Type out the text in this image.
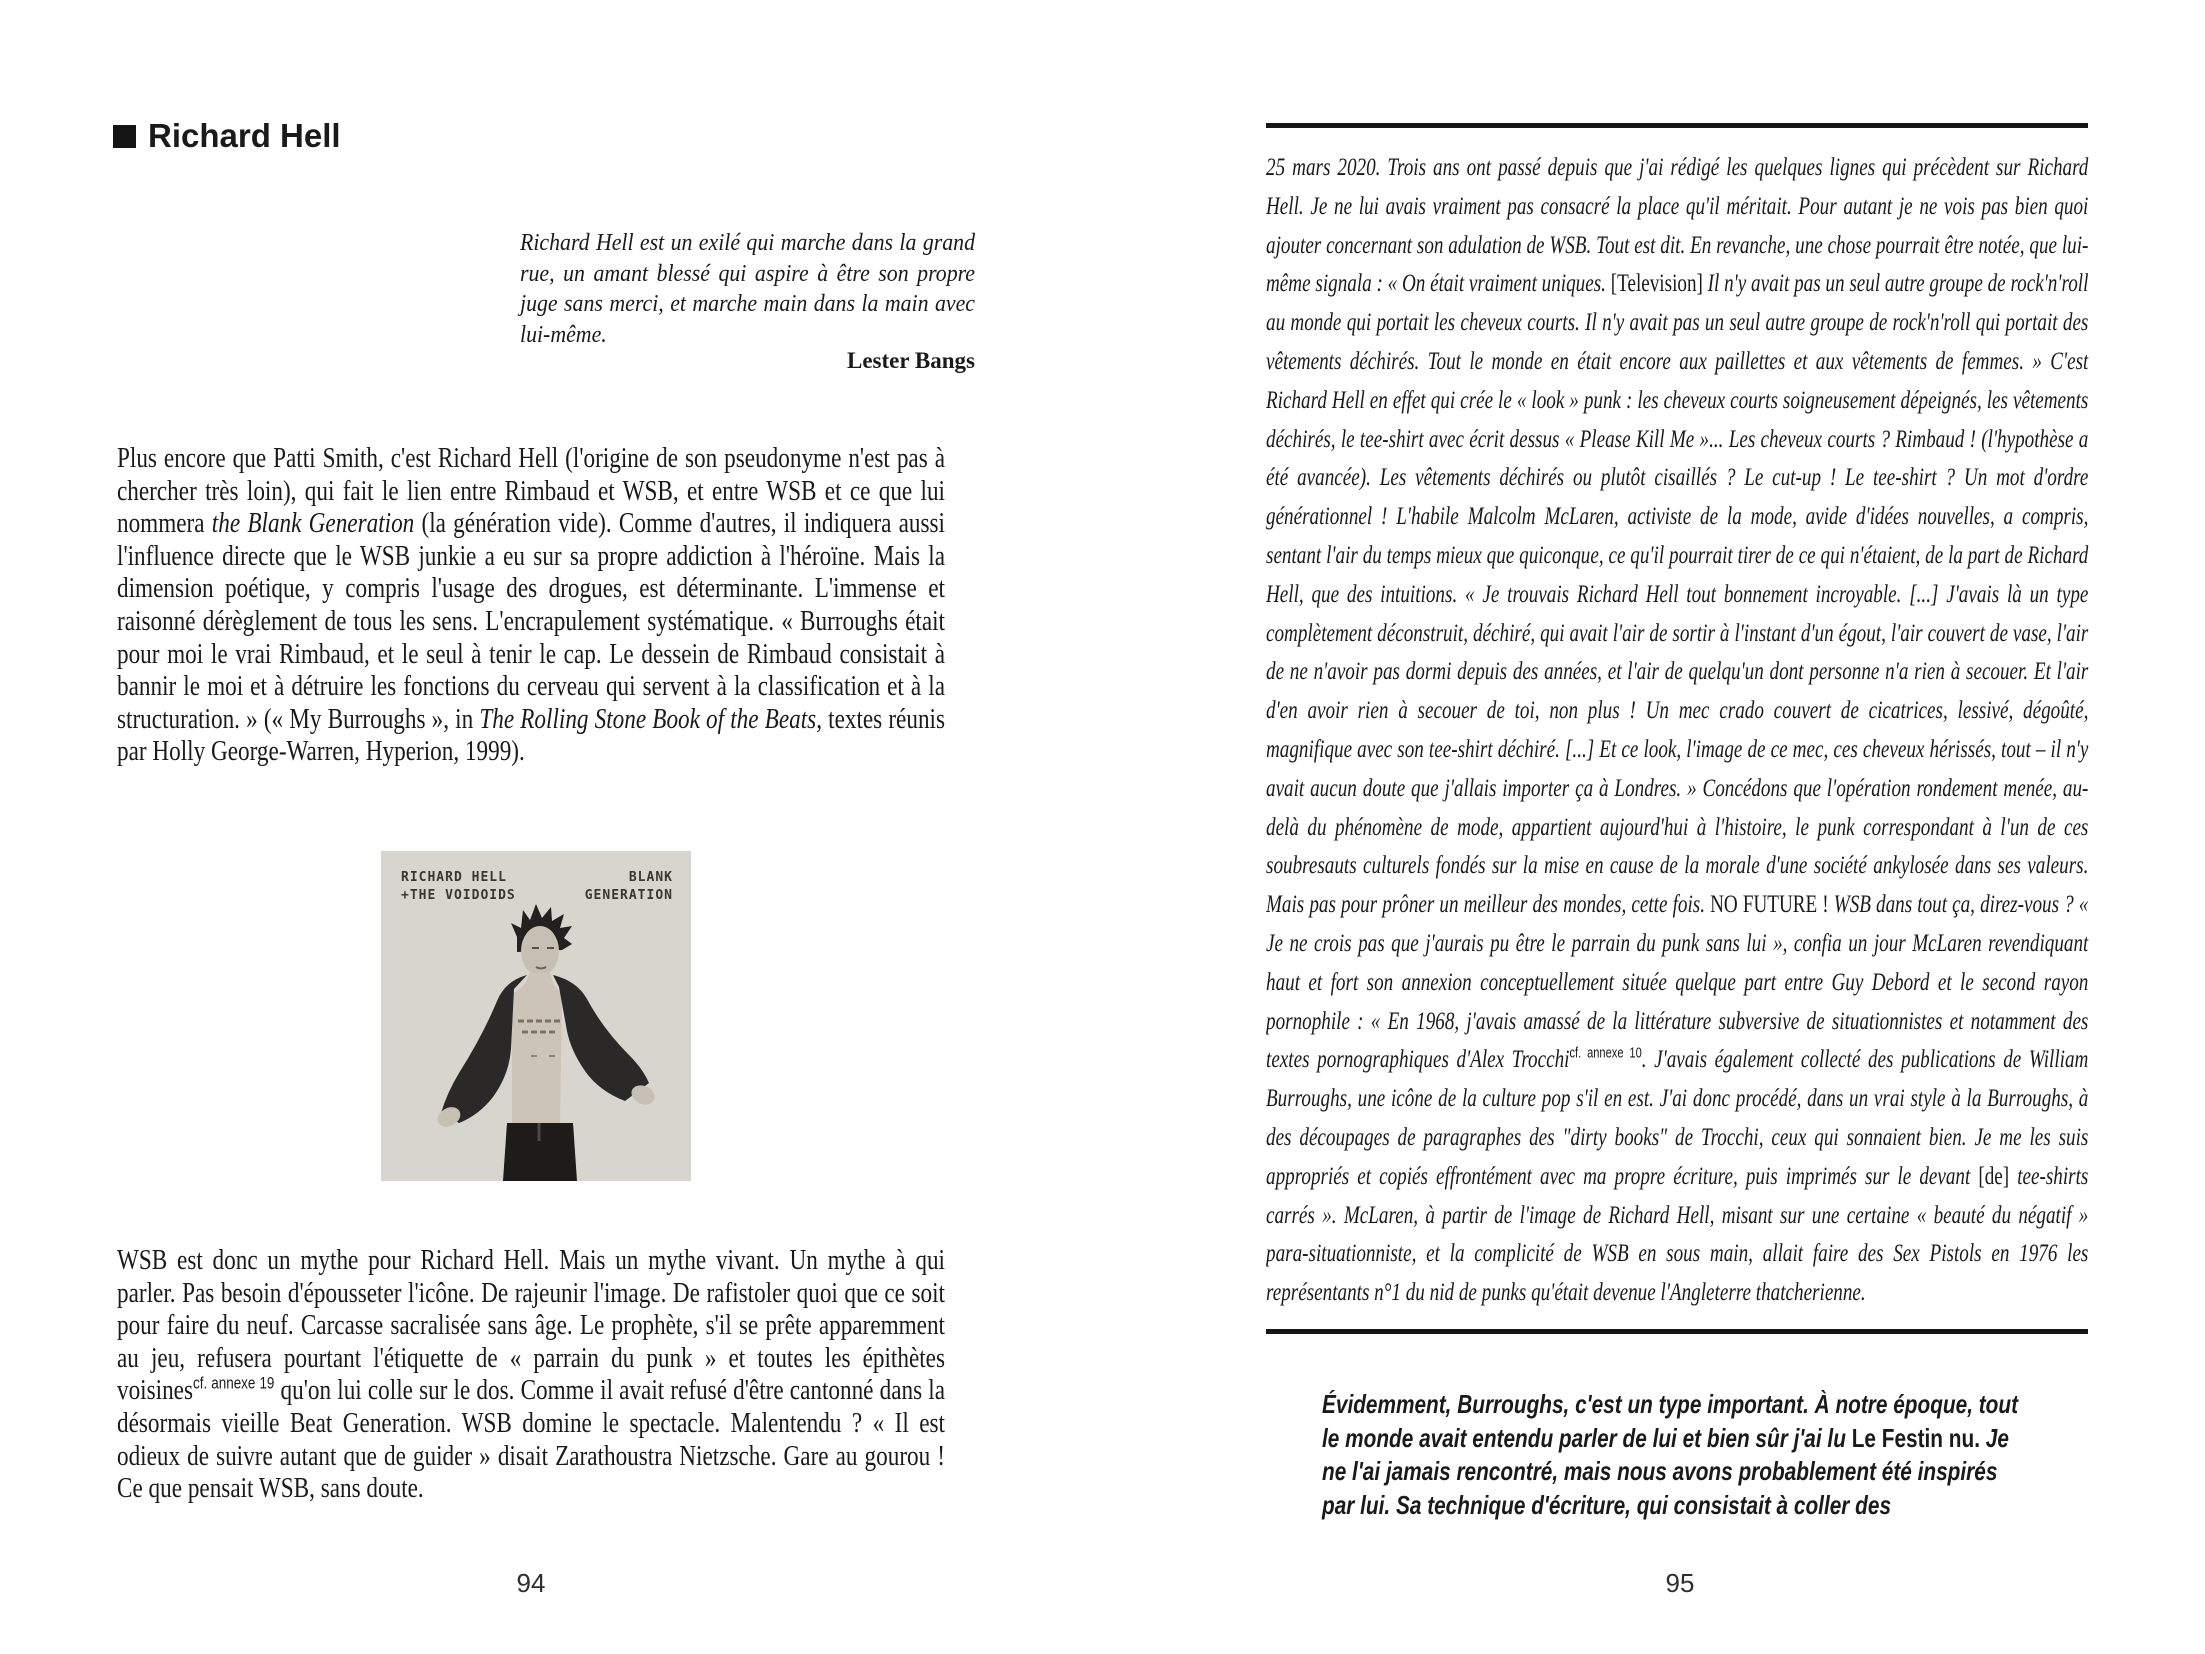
Richard Hell
Richard Hell est un exilé qui marche dans la grand rue, un amant blessé qui aspire à être son propre juge sans merci, et marche main dans la main avec lui-même.
Lester Bangs
Plus encore que Patti Smith, c'est Richard Hell (l'origine de son pseudonyme n'est pas à chercher très loin), qui fait le lien entre Rimbaud et WSB, et entre WSB et ce que lui nommera the Blank Generation (la génération vide). Comme d'autres, il indiquera aussi l'influence directe que le WSB junkie a eu sur sa propre addiction à l'héroïne. Mais la dimension poétique, y compris l'usage des drogues, est déterminante. L'immense et raisonné dérèglement de tous les sens. L'encrapulement systématique. « Burroughs était pour moi le vrai Rimbaud, et le seul à tenir le cap. Le dessein de Rimbaud consistait à bannir le moi et à détruire les fonctions du cerveau qui servent à la classification et à la structuration. » (« My Burroughs », in The Rolling Stone Book of the Beats, textes réunis par Holly George-Warren, Hyperion, 1999).
RICHARD HELL
+THE VOIDOIDS
BLANK
GENERATION
WSB est donc un mythe pour Richard Hell. Mais un mythe vivant. Un mythe à qui parler. Pas besoin d'épousseter l'icône. De rajeunir l'image. De rafistoler quoi que ce soit pour faire du neuf. Carcasse sacralisée sans âge. Le prophète, s'il se prête apparemment au jeu, refusera pourtant l'étiquette de « parrain du punk » et toutes les épithètes voisines$^{cf. annexe 19}$ qu'on lui colle sur le dos. Comme il avait refusé d'être cantonné dans la désormais vieille Beat Generation. WSB domine le spectacle. Malentendu ? « Il est odieux de suivre autant que de guider » disait Zarathoustra Nietzsche. Gare au gourou ! Ce que pensait WSB, sans doute.
94
25 mars 2020. Trois ans ont passé depuis que j'ai rédigé les quelques lignes qui précèdent sur Richard Hell. Je ne lui avais vraiment pas consacré la place qu'il méritait. Pour autant je ne vois pas bien quoi ajouter concernant son adulation de WSB. Tout est dit. En revanche, une chose pourrait être notée, que lui-même signala : « On était vraiment uniques. [Television] Il n'y avait pas un seul autre groupe de rock'n'roll au monde qui portait les cheveux courts. Il n'y avait pas un seul autre groupe de rock'n'roll qui portait des vêtements déchirés. Tout le monde en était encore aux paillettes et aux vêtements de femmes. » C'est Richard Hell en effet qui crée le « look » punk : les cheveux courts soigneusement dépeignés, les vêtements déchirés, le tee-shirt avec écrit dessus « Please Kill Me »... Les cheveux courts ? Rimbaud ! (l'hypothèse a été avancée). Les vêtements déchirés ou plutôt cisaillés ? Le cut-up ! Le tee-shirt ? Un mot d'ordre générationnel ! L'habile Malcolm McLaren, activiste de la mode, avide d'idées nouvelles, a compris, sentant l'air du temps mieux que quiconque, ce qu'il pourrait tirer de ce qui n'étaient, de la part de Richard Hell, que des intuitions. « Je trouvais Richard Hell tout bonnement incroyable. [...] J'avais là un type complètement déconstruit, déchiré, qui avait l'air de sortir à l'instant d'un égout, l'air couvert de vase, l'air de ne n'avoir pas dormi depuis des années, et l'air de quelqu'un dont personne n'a rien à secouer. Et l'air d'en avoir rien à secouer de toi, non plus ! Un mec crado couvert de cicatrices, lessivé, dégoûté, magnifique avec son tee-shirt déchiré. [...] Et ce look, l'image de ce mec, ces cheveux hérissés, tout – il n'y avait aucun doute que j'allais importer ça à Londres. » Concédons que l'opération rondement menée, au-delà du phénomène de mode, appartient aujourd'hui à l'histoire, le punk correspondant à l'un de ces soubresauts culturels fondés sur la mise en cause de la morale d'une société ankylosée dans ses valeurs. Mais pas pour prôner un meilleur des mondes, cette fois. NO FUTURE ! WSB dans tout ça, direz-vous ? « Je ne crois pas que j'aurais pu être le parrain du punk sans lui », confia un jour McLaren revendiquant haut et fort son annexion conceptuellement située quelque part entre Guy Debord et le second rayon pornophile : « En 1968, j'avais amassé de la littérature subversive de situationnistes et notamment des textes pornographiques d'Alex Trocchi$^{cf. annexe 10}$. J'avais également collecté des publications de William Burroughs, une icône de la culture pop s'il en est. J'ai donc procédé, dans un vrai style à la Burroughs, à des découpages de paragraphes des "dirty books" de Trocchi, ceux qui sonnaient bien. Je me les suis appropriés et copiés effrontément avec ma propre écriture, puis imprimés sur le devant [de] tee-shirts carrés ». McLaren, à partir de l'image de Richard Hell, misant sur une certaine « beauté du négatif » para-situationniste, et la complicité de WSB en sous main, allait faire des Sex Pistols en 1976 les représentants n°1 du nid de punks qu'était devenue l'Angleterre thatcherienne.
Évidemment, Burroughs, c'est un type important. À notre époque, tout le monde avait entendu parler de lui et bien sûr j'ai lu Le Festin nu. Je ne l'ai jamais rencontré, mais nous avons probablement été inspirés par lui. Sa technique d'écriture, qui consistait à coller des
95
